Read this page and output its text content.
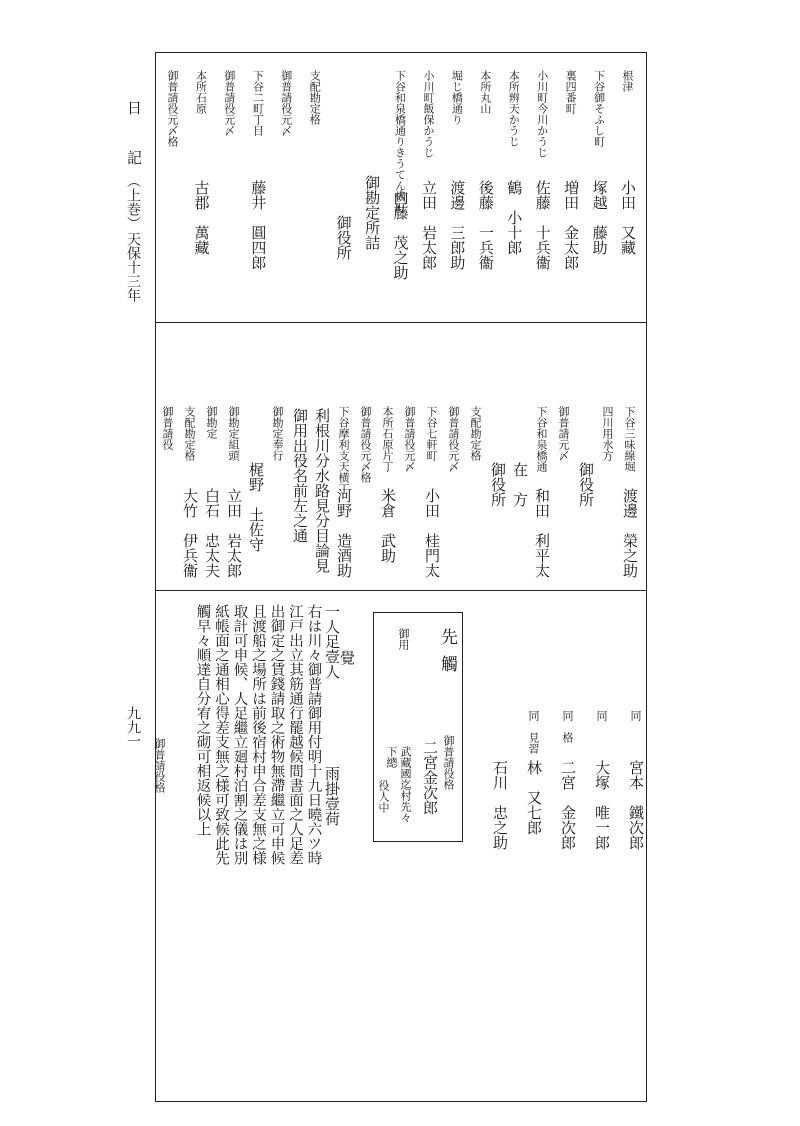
日
記
（上巻）
天保十三年
九九一
根津
小田　又藏
下谷御そふし町
塚越　藤助
裏四番町
増田　金太郎
小川町今川かうじ
佐藤　十兵衞
本所辨天かうじ
鶴　小十郎
本所丸山
後藤　一兵衞
堀じ橋通り
渡邊　三郎助
小川町飯保かうじ
立田　岩太郎
下谷和泉橋通りきうてん横町
内藤　茂之助
御勘定所詰
御役所
支配勘定格
御普請役元〆
下谷二町丁目
藤井　圓四郎
御普請役元〆
本所石原
古郡　萬藏
御普請役元〆格
下谷三味線堀
渡邊　榮之助
四川用水方
御役所
御普請元〆
下谷和泉橋通
和田　利平太
在　方
御役所
支配勘定格
御普請役元〆
下谷七軒町
小田　桂門太
御普請役元〆
本所石原片丁
米倉　武助
御普請役元〆格
下谷摩利支天横丁
河野　造酒助
利根川分水路見分目論見
御用出役名前左之通
御勘定奉行
梶野　土佐守
御勘定組頭
立田　岩太郎
御勘定
白石　忠太夫
支配勘定格
大竹　伊兵衞
御普請役
同
宮本　鐵次郎
同
大塚　唯一郎
同　格
二宮　金次郎
同　見習
林　又七郎
石川　忠之助
先觸
御用
御普請役格
二宮金次郎
武藏國迄村先々
下總
役人中
覺
一人足壹人
雨掛壹荷
右は川々御普請御用付明十九日曉六ツ時
江戸出立其筋通行罷越候間書面之人足差
出御定之賃錢請取之術物無滯繼立可申候
且渡船之場所は前後宿村申合差支無之様
取計可申候、人足繼立廻村泊割之儀は別
紙帳面之通相心得差支無之様可致候此先
觸早々順達自分宥之砌可相返候以上
御普請役格
